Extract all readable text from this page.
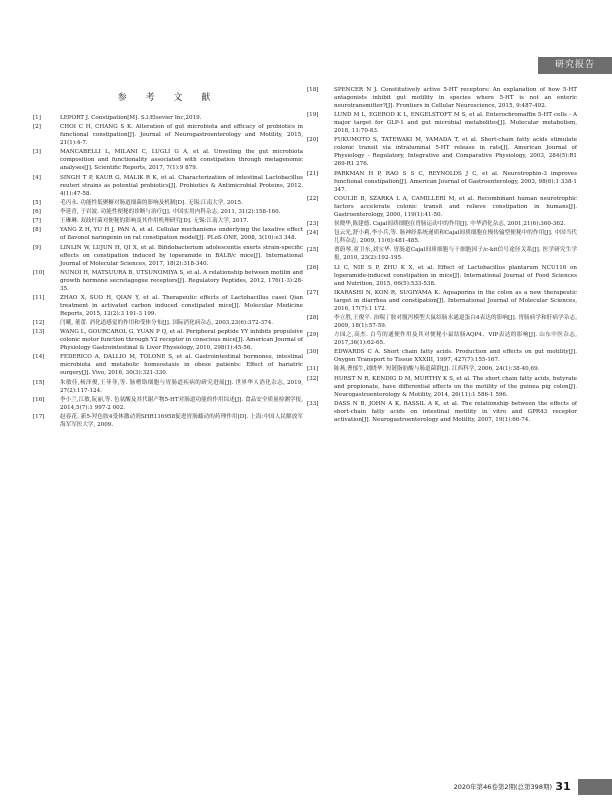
研究报告
参 考 文 献
[1]	LEPORT J. Constipation[M]. S.l:Elsevier Inc,2019.
[2]	CHOI C H, CHANG S K. Alteration of gut microbiota and efficacy of probiotics in functional constipation[J]. Journal of Neurogastroenterology and Motility, 2015, 21(1):4-7.
[3]	MANCABELLI L, MILANI C, LUGLI G A, et al. Unveiling the gut microbiota composition and functionality associated with constipation through metagenomic analyses[J]. Scientific Reports, 2017, 7(1):9 879.
[4]	SINGH T P, KAUR G, MALIK R K, et al. Characterization of intestinal Lactobacillus reuteri strains as potential probiotics[J]. Probiotics & Antimicrobial Proteins, 2012, 4(1):47-58.
[5]	毛丙永. 功能性低聚糖对肠道细菌的影响及机制[D]. 无锡:江南大学, 2015.
[6]	李延青, 于岩波. 功能性便秘的诊断与治疗[J]. 中国实用内科杂志, 2011, 31(2):158-160.
[7]	王琳琳. 双歧杆菌对便秘的影响及其作用机理研究[D]. 无锡:江南大学, 2017.
[8]	YANG Z H, YU H J, PAN A, et al. Cellular mechanisms underlying the laxative effect of flavonol naringenin on rat constipation model[J]. PLoS ONE, 2008, 3(10):e3 348.
[9]	LINLIN W, LUJUN H, QI X, et al. Bifidobacterium adolescentis exerts strain-specific effects on constipation induced by loperamide in BALB/c mice[J]. International Journal of Molecular Sciences, 2017, 18(2):318-340.
[10]	NUNOI H, MATSUURA B, UTSUNOMIYA S, et al. A relationship between motilin and growth hormone secretagogue receptors[J]. Regulatory Peptides, 2012, 176(1-3):28-35.
[11]	ZHAO X, SUO H, QIAN Y, et al. Therapeutic effects of Lactobacillus casei Qian treatment in activated carbon induced constipated mice[J]. Molecular Medicine Reports, 2015, 12(2):3 191-3 199.
[12]	闫曦, 董蕾. 消化道感觉的作用和受体分布[J]. 国际消化病杂志, 2003,23(6):372-374.
[13]	WANG L, GOURCAROL G, YUAN P Q, et al. Peripheral peptide YY inhibits propulsive colonic motor function through Y2 receptor in conscious mice[J]. American Journal of Physiology Gastrointestinal & Liver Physiology, 2010, 298(1):45-56.
[14]	FEDERICO A, DALLIO M, TOLONE S, et al. Gastrointestinal hormones, intestinal microbiota and metabolic homeostasis in obese patients: Effect of bariatric surgery[J]. Vivo, 2016, 30(3):321-330.
[15]	朱敏佳,杨泽俊,王菲菲,等. 肠嗜铬细胞与胃肠道疾病的研究进展[J]. 世界华人消化杂志, 2019, 27(2):117-124.
[16]	李小兰,江敏,阮丽,等. 色氨酸及其代谢产物5-HT对肠道功能的作用综述[J]. 食品安全质量检测学报, 2014,5(7):1 997-2 002.
[17]	赵春花. 新5-羟色胺4受体激动剂SHR116958促进胃肠蠕动的药理作用[D]. 上海:中国人民解放军海军军医大学, 2009.
[18]	SPENCER N J. Constitutively active 5-HT receptors: An explanation of how 5-HT antagonists inhibit gut motility in species where 5-HT is not an enteric neurotransmitter?[J]. Frontiers in Cellular Neuroscience, 2015, 9:487-492.
[19]	LUND M L, EGEROD K L, ENGELSTOFT M S, et al. Enterochromaffin 5-HT cells - A major target for GLP-1 and gut microbial metabolites[J]. Molecular metabolism, 2018, 11:70-83.
[20]	FUKUMOTO S, TATEWAKI M, YAMADA T, et al. Short-chain fatty acids stimulate colonic transit via intraluminal 5-HT release in rats[J]. American Journal of Physiology - Regulatory, Integrative and Comparative Physiology, 2003, 284(5):R1 269-R1 276.
[21]	PARKMAN H P, RAO S S C, REYNOLDS J C, et al. Neurotrophin-3 improves functional constipation[J]. American Journal of Gastroenterology, 2003, 98(6):1 338-1 347.
[22]	COULIE B, SZARKA L A, CAMILLERI M, et al. Recombinant human neurotrophic factors accelerate colonic transit and relieve constipation in humans[J]. Gastroenterology, 2000, 119(1):41-50.
[23]	侯晓华,陈建德. Cajal间质细胞在胃肠运动中的作用[J]. 中华消化杂志, 2001,21(6):360-362.
[24]	包云光,舒小莉,李小兵,等. 肠神经系统递质和Cajal间质细胞在慢传输型便秘中的作用[J]. 中国当代儿科杂志, 2009, 11(6):481-485.
[25]	贾蔚琴,童卫东,刘宝华. 胃肠道Cajal间质细胞与干细胞因子/c-kit信号途径关系[J]. 医学研究生学报, 2010, 23(2):192-195.
[26]	LI C, NIE S P, ZHU K X, et al. Effect of Lactobacillus plantarum NCU116 on loperamide-induced constipation in mice[J]. International Journal of Food Sciences and Nutrition, 2015, 66(5):533-538.
[27]	IKARASHI N, KON R, SUGIYAMA K. Aquaporins in the colon as a new therapeutic target in diarrhea and constipation[J]. International Journal of Molecular Sciences, 2016, 17(7):1 172.
[28]	李立胜,王俊平. 治喘丁胺对腹泻模型大鼠结肠水通道蛋白4表达的影响[J]. 胃肠病学和肝病学杂志, 2009, 18(1):57-59.
[29]	方园之,高杰. 白芍的通便作用及其对便秘小鼠结肠AQP4、VIP表达的影响[J]. 山东中医杂志, 2017,36(1):62-65.
[30]	EDWARDS C A. Short chain fatty acids. Production and effects on gut motility[J]. Oxygen Transport to Tissue XXXIII, 1997, 427(7):155-167.
[31]	陈燕,曹郁生,刘晓华. 短链脂肪酸与肠道菌群[J]. 江西科学, 2006, 24(1):38-40,69.
[32]	HURST N R, KENDIG D M, MURTHY K S, et al. The short chain fatty acids, butyrate and propionate, have differential effects on the motility of the guinea pig colon[J]. Neurogastroenterology & Motility, 2014, 26(11):1 586-1 596.
[33]	DASS N B, JOHN A K, BASSIL A K, et al. The relationship between the effects of short-chain fatty acids on intestinal motility in vitro and GPR43 receptor activation[J]. Neurogastroenterology and Motility, 2007, 19(1):66-74.
2020年第46卷第2期(总第398期) 31
